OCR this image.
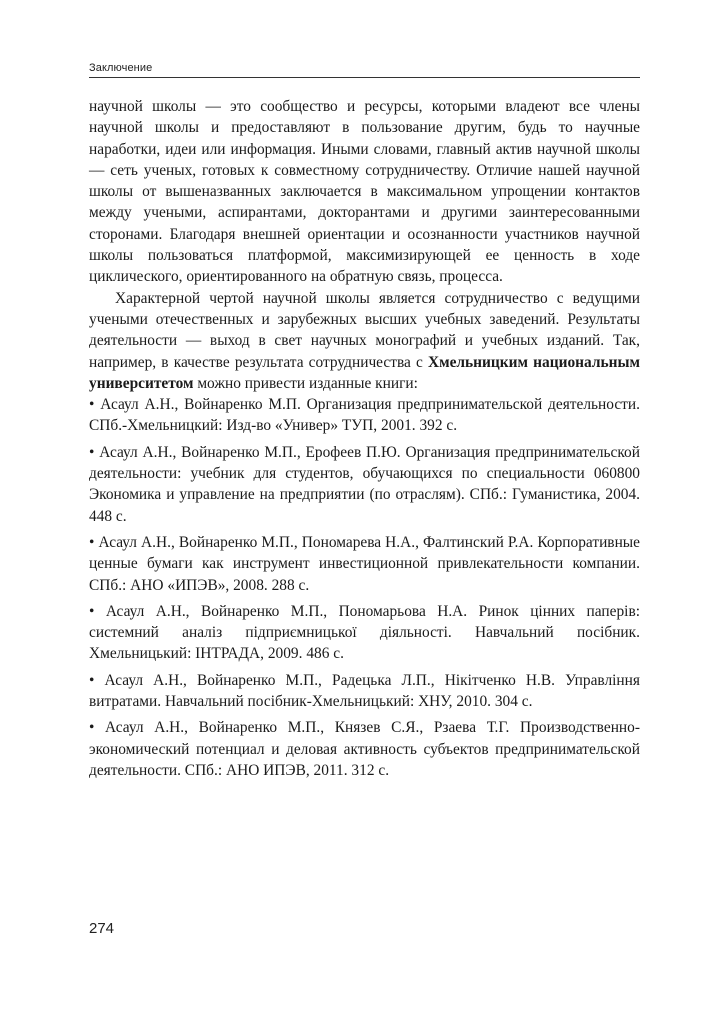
Заключение

научной школы — это сообщество и ресурсы, которыми владеют все члены научной школы и предоставляют в пользование другим, будь то научные наработки, идеи или информация. Иными словами, главный актив научной школы — сеть ученых, готовых к совместному сотрудничеству. Отличие нашей научной школы от вышеназванных заключается в максимальном упрощении контактов между учеными, аспирантами, докторантами и другими заинтересованными сторонами. Благодаря внешней ориентации и осознанности участников научной школы пользоваться платформой, максимизирующей ее ценность в ходе циклического, ориентированного на обратную связь, процесса.

Характерной чертой научной школы является сотрудничество с ведущими учеными отечественных и зарубежных высших учебных заведений. Результаты деятельности — выход в свет научных монографий и учебных изданий. Так, например, в качестве результата сотрудничества с Хмельницким национальным университетом можно привести изданные книги:

• Асаул А.Н., Войнаренко М.П. Организация предпринимательской деятельности. СПб.-Хмельницкий: Изд-во «Универ» ТУП, 2001. 392 с.

• Асаул А.Н., Войнаренко М.П., Ерофеев П.Ю. Организация предпринимательской деятельности: учебник для студентов, обучающихся по специальности 060800 Экономика и управление на предприятии (по отраслям). СПб.: Гуманистика, 2004. 448 с.

• Асаул А.Н., Войнаренко М.П., Пономарева Н.А., Фалтинский Р.А. Корпоративные ценные бумаги как инструмент инвестиционной привлекательности компании. СПб.: АНО «ИПЭВ», 2008. 288 с.

• Асаул А.Н., Войнаренко М.П., Пономарьова Н.А. Ринок цінних паперів: системний аналіз підприємницької діяльності. Навчальний посібник. Хмельницький: ІНТРАДА, 2009. 486 с.

• Асаул А.Н., Войнаренко М.П., Радецька Л.П., Нікітченко Н.В. Управління витратами. Навчальний посібник-Хмельницький: ХНУ, 2010. 304 с.

• Асаул А.Н., Войнаренко М.П., Князев С.Я., Рзаева Т.Г. Производственно-экономический потенциал и деловая активность субъектов предпринимательской деятельности. СПб.: АНО ИПЭВ, 2011. 312 с.

274
